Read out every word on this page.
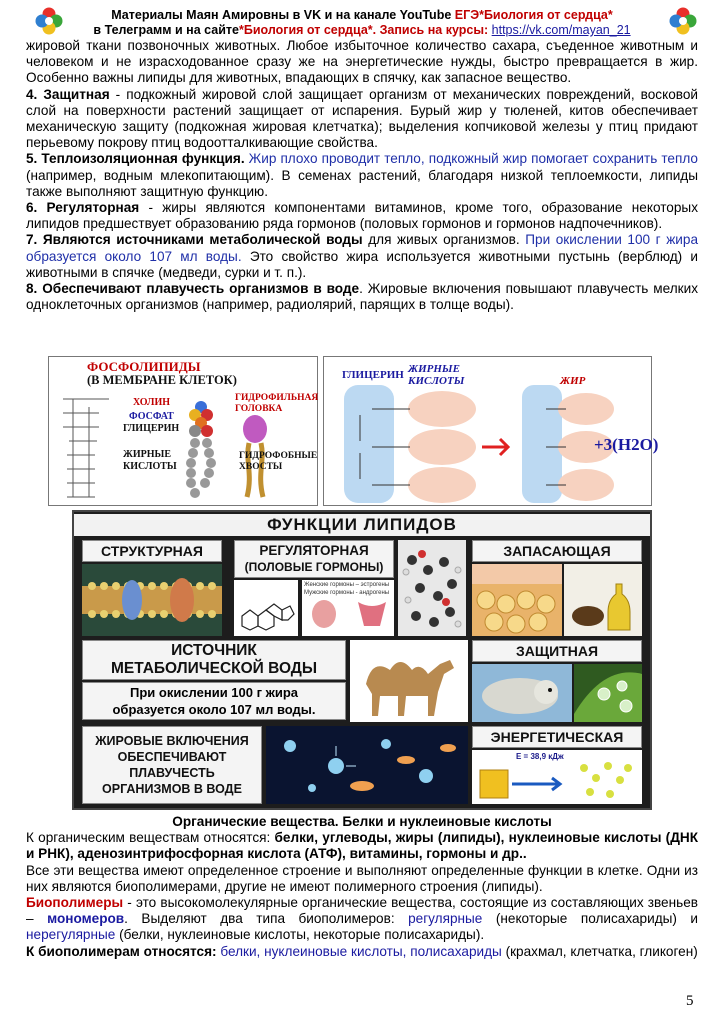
Материалы Маян Амировны в VK и на канале YouTube ЕГЭ*Биология от сердца*
в Телеграмм и на сайте*Биология от сердца*. Запись на курсы: https://vk.com/mayan_21

жировой ткани позвоночных животных. Любое избыточное количество сахара, съеденное животным и человеком и не израсходованное сразу же на энергетические нужды, быстро превращается в жир. Особенно важны липиды для животных, впадающих в спячку, как запасное вещество.

4. Защитная - подкожный жировой слой защищает организм от механических повреждений, восковой слой на поверхности растений защищает от испарения. Бурый жир у тюленей, китов обеспечивает механическую защиту (подкожная жировая клетчатка); выделения копчиковой железы у птиц придают перьевому покрову птиц водоотталкивающие свойства.

5. Теплоизоляционная функция. Жир плохо проводит тепло, подкожный жир помогает сохранить тепло (например, водным млекопитающим). В семенах растений, благодаря низкой теплоемкости, липиды также выполняют защитную функцию.

6. Регуляторная - жиры являются компонентами витаминов, кроме того, образование некоторых липидов предшествует образованию ряда гормонов (половых гормонов и гормонов надпочечников).

7. Являются источниками метаболической воды для живых организмов. При окислении 100 г жира образуется около 107 мл воды. Это свойство жира используется животными пустынь (верблюд) и животными в спячке (медведи, сурки и т. п.).

8. Обеспечивают плавучесть организмов в воде. Жировые включения повышают плавучесть мелких одноклеточных организмов (например, радиолярий, парящих в толще воды).

ФОСФОЛИПИДЫ
(В МЕМБРАНЕ КЛЕТОК)
ХОЛИН
ФОСФАТ
ГЛИЦЕРИН
ЖИРНЫЕ
КИСЛОТЫ
ГИДРОФИЛЬНАЯ
ГОЛОВКА
ГИДРОФОБНЫЕ
ХВОСТЫ
ГЛИЦЕРИН ЖИРНЫЕ
КИСЛОТЫ	ЖИР
+3(H2O)
ФУНКЦИИ ЛИПИДОВ
СТРУКТУРНАЯ	РЕГУЛЯТОРНАЯ
(ПОЛОВЫЕ ГОРМОНЫ)
Женские гормоны – эстрогены
Мужские гормоны - андрогены
ЗАПАСАЮЩАЯ
ЗАЩИТНАЯ
ИСТОЧНИК
МЕТАБОЛИЧЕСКОЙ ВОДЫ
При окислении 100 г жира
образуется около 107 мл воды.
ЖИРОВЫЕ ВКЛЮЧЕНИЯ
ОБЕСПЕЧИВАЮТ
ПЛАВУЧЕСТЬ
ОРГАНИЗМОВ В ВОДЕ
ЭНЕРГЕТИЧЕСКАЯ
E = 38,9 кДж

Органические вещества. Белки и нуклеиновые кислоты

К органическим веществам относятся: белки, углеводы, жиры (липиды), нуклеиновые кислоты (ДНК и РНК), аденозинтрифосфорная кислота (АТФ), витамины, гормоны и др..

Все эти вещества имеют определенное строение и выполняют определенные функции в клетке. Одни из них являются биополимерами, другие не имеют полимерного строения (липиды).

Биополимеры - это высокомолекулярные органические вещества, состоящие из составляющих звеньев – мономеров. Выделяют два типа биополимеров: регулярные (некоторые полисахариды) и нерегулярные (белки, нуклеиновые кислоты, некоторые полисахариды).

К биополимерам относятся: белки, нуклеиновые кислоты, полисахариды (крахмал, клетчатка, гликоген)

5
